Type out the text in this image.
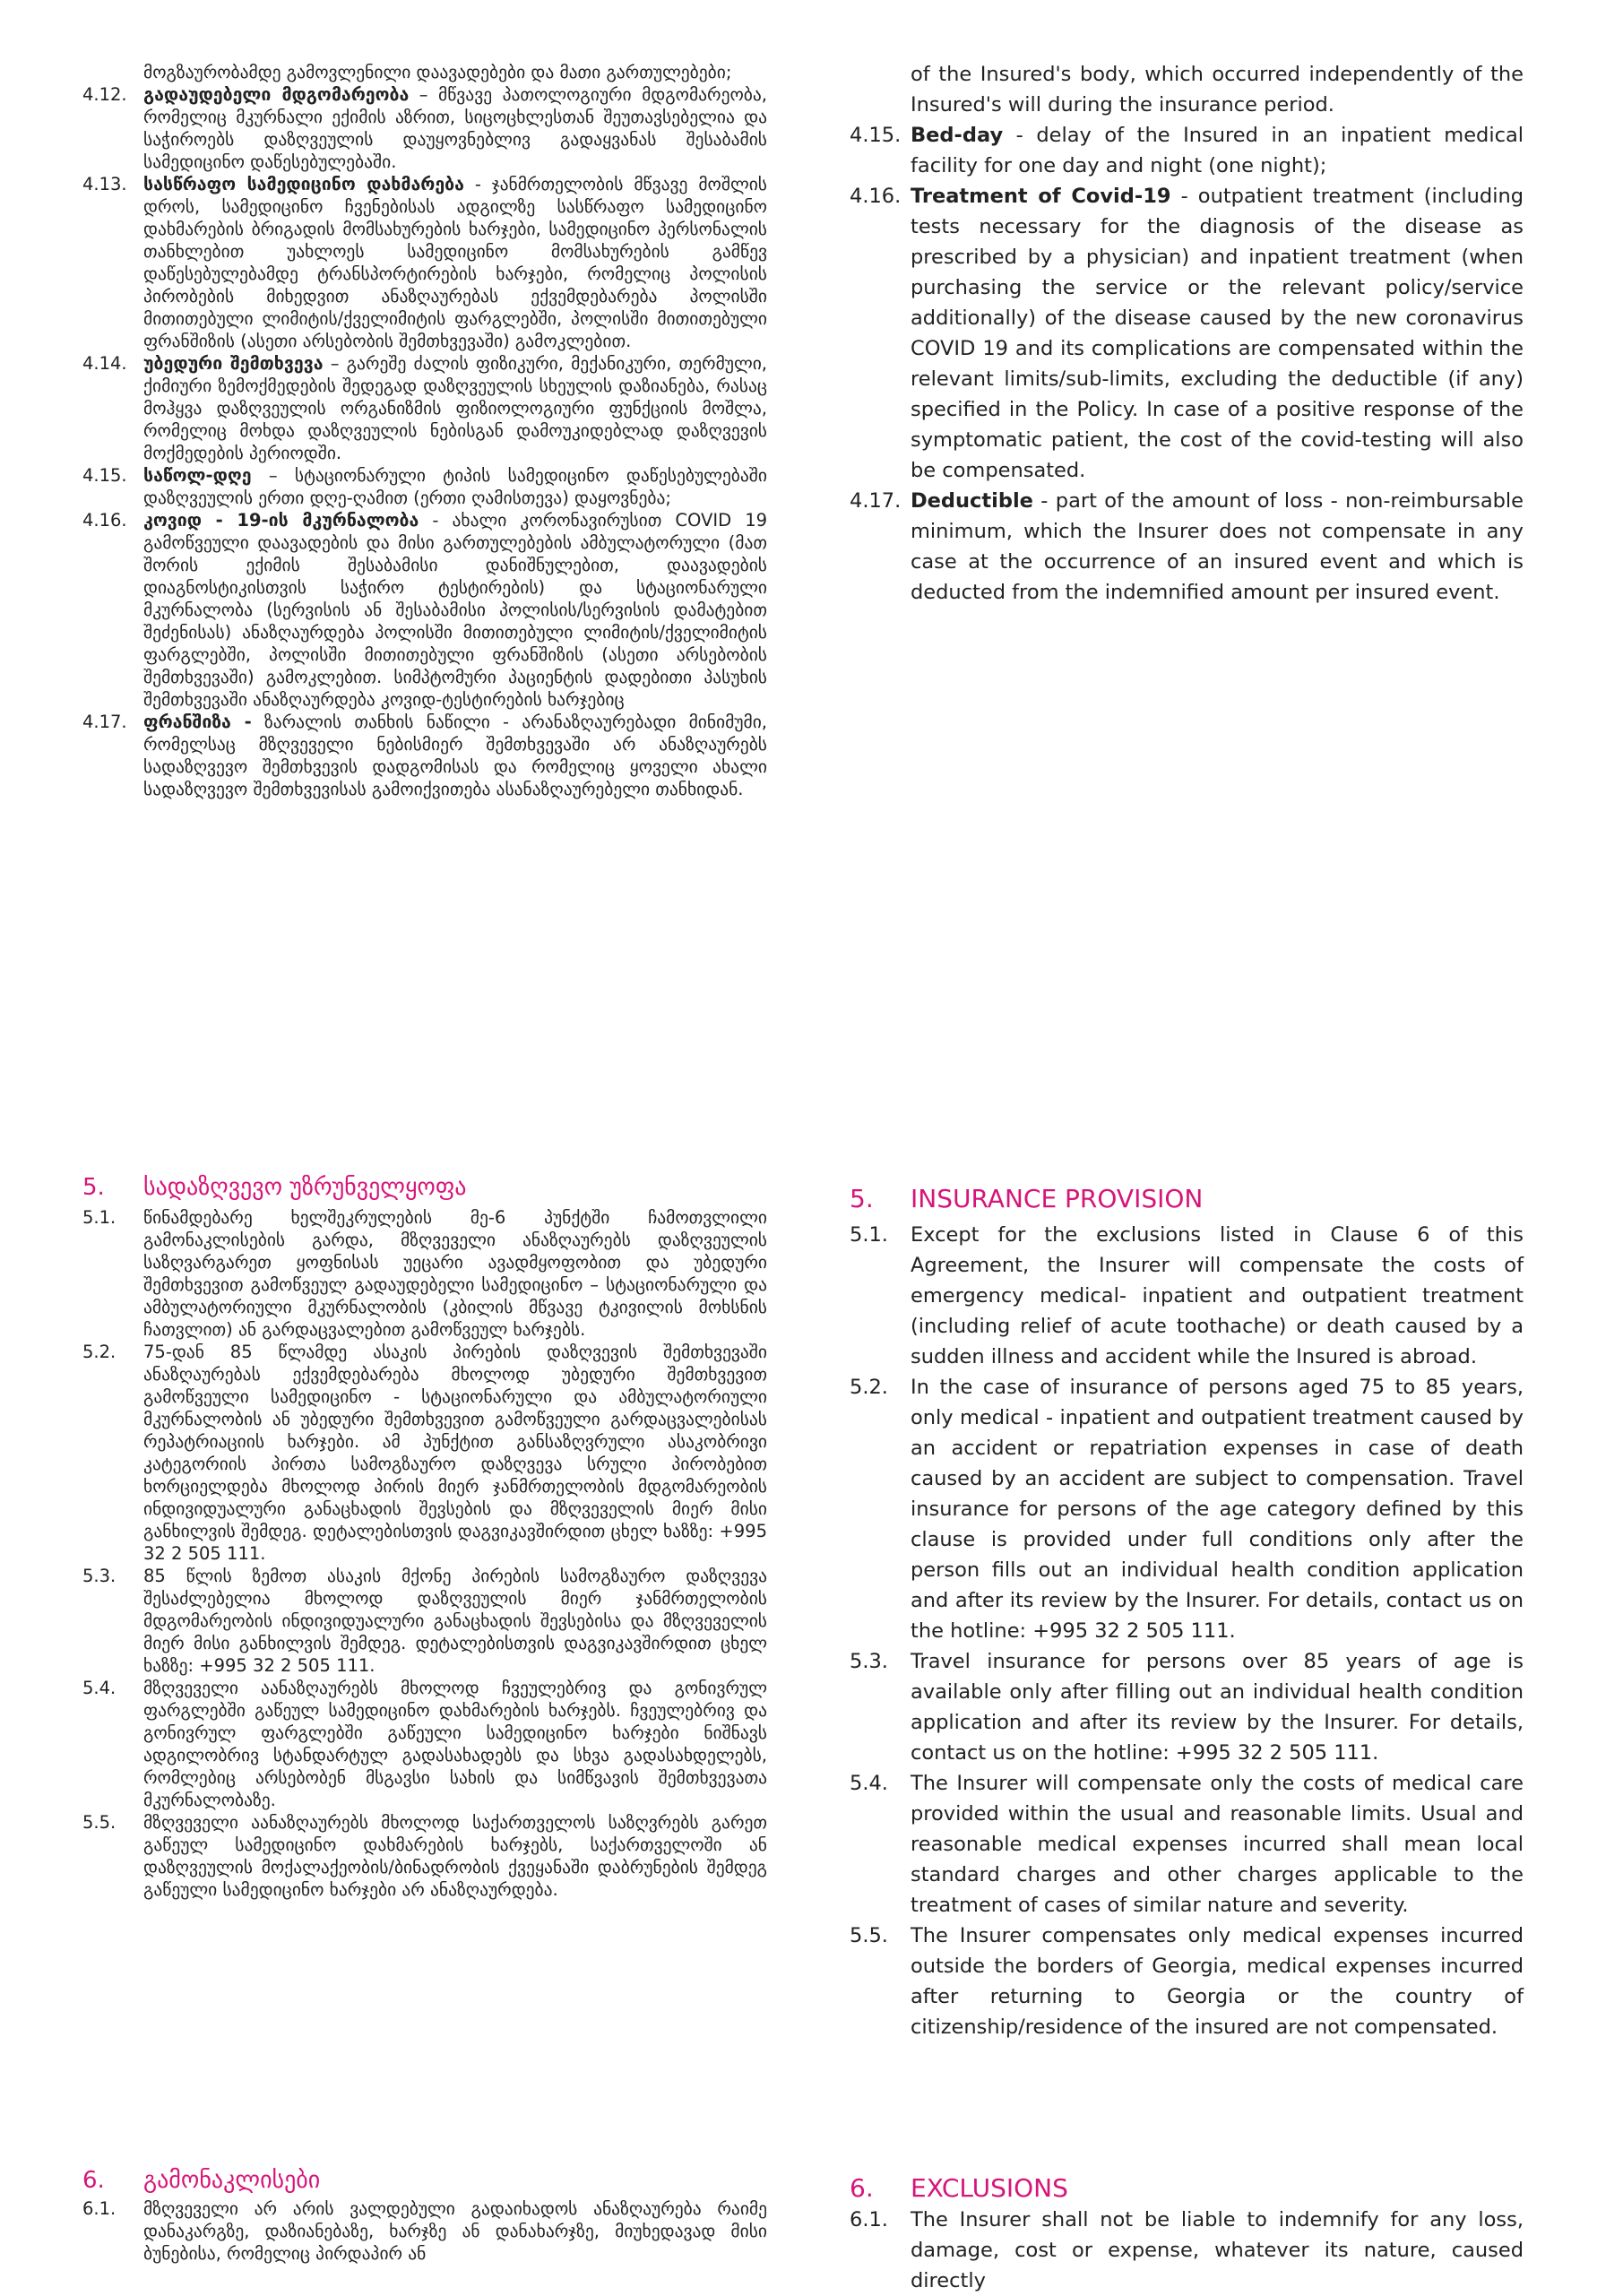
მოგზაურობამდე გამოვლენილი დაავადებები და მათი გართულებები;
4.12. გადაუდებელი მდგომარეობა – მწვავე პათოლოგიური მდგომარეობა, რომელიც მკურნალი ექიმის აზრით, სიცოცხლესთან შეუთავსებელია და საჭიროებს დაზღვეულის დაუყოვნებლივ გადაყვანას შესაბამის სამედიცინო დაწესებულებაში.
4.13. სასწრაფო სამედიცინო დახმარება - ჯანმრთელობის მწვავე მოშლის დროს, სამედიცინო ჩვენებისას ადგილზე სასწრაფო სამედიცინო დახმარების ბრიგადის მომსახურების ხარჯები, სამედიცინო პერსონალის თანხლებით უახლოეს სამედიცინო მომსახურების გამწევ დაწესებულებამდე ტრანსპორტირების ხარჯები, რომელიც პოლისის პირობების მიხედვით ანაზღაურებას ექვემდებარება პოლისში მითითებული ლიმიტის/ქველიმიტის ფარგლებში, პოლისში მითითებული ფრანშიზის (ასეთი არსებობის შემთხვევაში) გამოკლებით.
4.14. უბედური შემთხვევა – გარეშე ძალის ფიზიკური, მექანიკური, თერმული, ქიმიური ზემოქმედების შედეგად დაზღვეულის სხეულის დაზიანება, რასაც მოჰყვა დაზღვეულის ორგანიზმის ფიზიოლოგიური ფუნქციის მოშლა, რომელიც მოხდა დაზღვეულის ნებისგან დამოუკიდებლად დაზღვევის მოქმედების პერიოდში.
4.15. საწოლ-დღე – სტაციონარული ტიპის სამედიცინო დაწესებულებაში დაზღვეულის ერთი დღე-ღამით (ერთი ღამისთევა) დაყოვნება;
4.16. კოვიდ - 19-ის მკურნალობა - ახალი კორონავირუსით COVID 19 გამოწვეული დაავადების და მისი გართულებების ამბულატორული (მათ შორის ექიმის შესაბამისი დანიშნულებით, დაავადების დიაგნოსტიკისთვის საჭირო ტესტირების) და სტაციონარული მკურნალობა (სერვისის ან შესაბამისი პოლისის/სერვისის დამატებით შეძენისას) ანაზღაურდება პოლისში მითითებული ლიმიტის/ქველიმიტის ფარგლებში, პოლისში მითითებული ფრანშიზის (ასეთი არსებობის შემთხვევაში) გამოკლებით. სიმპტომური პაციენტის დადებითი პასუხის შემთხვევაში ანაზღაურდება კოვიდ-ტესტირების ხარჯებიც
4.17. ფრანშიზა - ზარალის თანხის ნაწილი - არანაზღაურებადი მინიმუმი, რომელსაც მზღვეველი ნებისმიერ შემთხვევაში არ ანაზღაურებს სადაზღვევო შემთხვევის დადგომისას და რომელიც ყოველი ახალი სადაზღვევო შემთხვევისას გამოიქვითება ასანაზღაურებელი თანხიდან.
5.	სადაზღვევო უზრუნველყოფა
5.1.	წინამდებარე ხელშეკრულების მე-6 პუნქტში ჩამოთვლილი გამონაკლისების გარდა, მზღვეველი ანაზღაურებს დაზღვეულის საზღვარგარეთ ყოფნისას უეცარი ავადმყოფობით და უბედური შემთხვევით გამოწვეულ გადაუდებელი სამედიცინო – სტაციონარული და ამბულატორიული მკურნალობის (კბილის მწვავე ტკივილის მოხსნის ჩათვლით) ან გარდაცვალებით გამოწვეულ ხარჯებს.
5.2.	75-დან 85 წლამდე ასაკის პირების დაზღვევის შემთხვევაში ანაზღაურებას ექვემდებარება მხოლოდ უბედური შემთხვევით გამოწვეული სამედიცინო - სტაციონარული და ამბულატორიული მკურნალობის ან უბედური შემთხვევით გამოწვეული გარდაცვალებისას რეპატრიაციის ხარჯები. ამ პუნქტით განსაზღვრული ასაკობრივი კატეგორიის პირთა სამოგზაურო დაზღვევა სრული პირობებით ხორციელდება მხოლოდ პირის მიერ ჯანმრთელობის მდგომარეობის ინდივიდუალური განაცხადის შევსების და მზღვეველის მიერ მისი განხილვის შემდეგ. დეტალებისთვის დაგვიკავშირდით ცხელ ხაზზე: +995 32 2 505 111.
5.3.	85 წლის ზემოთ ასაკის მქონე პირების სამოგზაურო დაზღვევა შესაძლებელია მხოლოდ დაზღვეულის მიერ ჯანმრთელობის მდგომარეობის ინდივიდუალური განაცხადის შევსებისა და მზღვეველის მიერ მისი განხილვის შემდეგ. დეტალებისთვის დაგვიკავშირდით ცხელ ხაზზე: +995 32 2 505 111.
5.4.	მზღვეველი აანაზღაურებს მხოლოდ ჩვეულებრივ და გონივრულ ფარგლებში გაწეულ სამედიცინო დახმარების ხარჯებს. ჩვეულებრივ და გონივრულ ფარგლებში გაწეული სამედიცინო ხარჯები ნიშნავს ადგილობრივ სტანდარტულ გადასახადებს და სხვა გადასახდელებს, რომლებიც არსებობენ მსგავსი სახის და სიმწვავის შემთხვევათა მკურნალობაზე.
5.5.	მზღვეველი აანაზღაურებს მხოლოდ საქართველოს საზღვრებს გარეთ გაწეულ სამედიცინო დახმარების ხარჯებს, საქართველოში ან დაზღვეულის მოქალაქეობის/ბინადრობის ქვეყანაში დაბრუნების შემდეგ გაწეული სამედიცინო ხარჯები არ ანაზღაურდება.
6.	გამონაკლისები
6.1.	მზღვეველი არ არის ვალდებული გადაიხადოს ანაზღაურება რაიმე დანაკარგზე, დაზიანებაზე, ხარჯზე ან დანახარჯზე, მიუხედავად მისი ბუნებისა, რომელიც პირდაპირ ან
of the Insured's body, which occurred independently of the Insured's will during the insurance period.
4.15. Bed-day - delay of the Insured in an inpatient medical facility for one day and night (one night);
4.16. Treatment of Covid-19 - outpatient treatment (including tests necessary for the diagnosis of the disease as prescribed by a physician) and inpatient treatment (when purchasing the service or the relevant policy/service additionally) of the disease caused by the new coronavirus COVID 19 and its complications are compensated within the relevant limits/sub-limits, excluding the deductible (if any) specified in the Policy. In case of a positive response of the symptomatic patient, the cost of the covid-testing will also be compensated.
4.17. Deductible - part of the amount of loss - non-reimbursable minimum, which the Insurer does not compensate in any case at the occurrence of an insured event and which is deducted from the indemnified amount per insured event.
5.	INSURANCE PROVISION
5.1.	Except for the exclusions listed in Clause 6 of this Agreement, the Insurer will compensate the costs of emergency medical- inpatient and outpatient treatment (including relief of acute toothache) or death caused by a sudden illness and accident while the Insured is abroad.
5.2.	In the case of insurance of persons aged 75 to 85 years, only medical - inpatient and outpatient treatment caused by an accident or repatriation expenses in case of death caused by an accident are subject to compensation. Travel insurance for persons of the age category defined by this clause is provided under full conditions only after the person fills out an individual health condition application and after its review by the Insurer. For details, contact us on the hotline: +995 32 2 505 111.
5.3.	Travel insurance for persons over 85 years of age is available only after filling out an individual health condition application and after its review by the Insurer. For details, contact us on the hotline: +995 32 2 505 111.
5.4.	The Insurer will compensate only the costs of medical care provided within the usual and reasonable limits. Usual and reasonable medical expenses incurred shall mean local standard charges and other charges applicable to the treatment of cases of similar nature and severity.
5.5.	The Insurer compensates only medical expenses incurred outside the borders of Georgia, medical expenses incurred after returning to Georgia or the country of citizenship/residence of the insured are not compensated.
6.	EXCLUSIONS
6.1.	The Insurer shall not be liable to indemnify for any loss, damage, cost or expense, whatever its nature, caused directly
